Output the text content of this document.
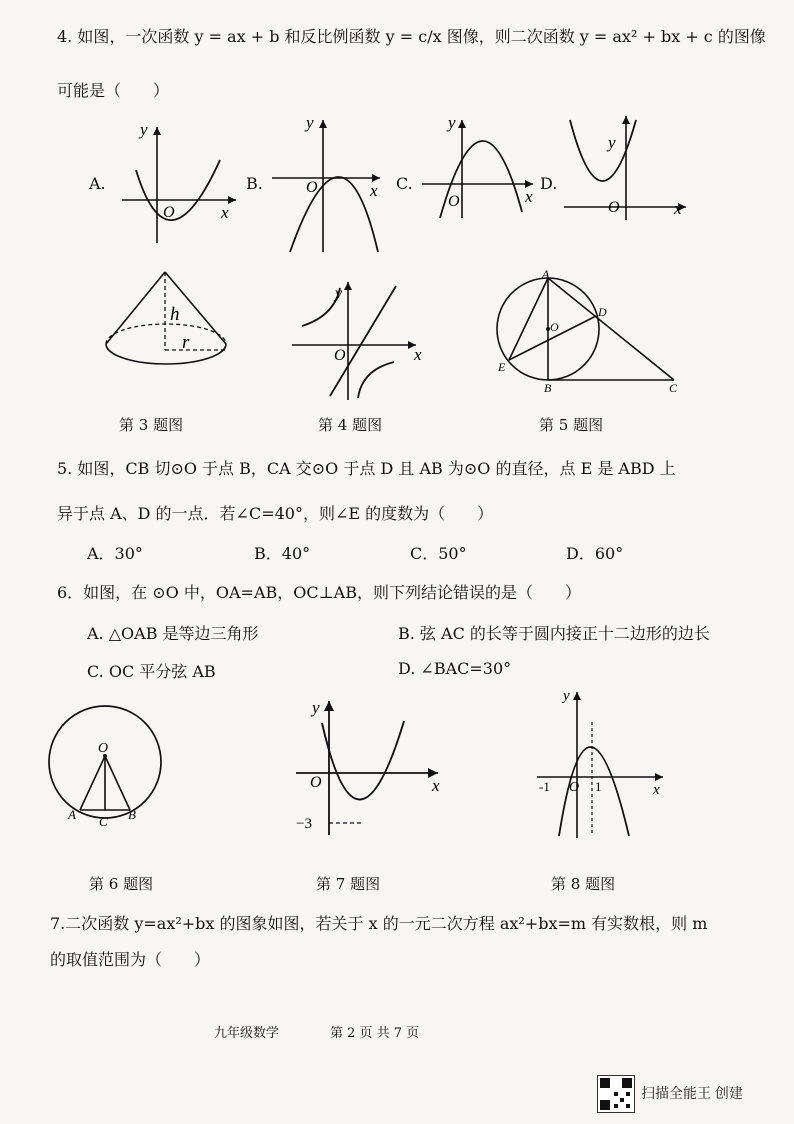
4. 如图，一次函数 y = ax + b 和反比例函数 y = c/x 图像，则二次函数 y = ax² + bx + c 的图像
可能是（　　）
A.
y
x
O
B.
y
x
O	C.
y
x
O
D.
y
x
O
h
r
y
x
O
A
D
O
E
B	C
第 3 题图	第 4 题图	第 5 题图
5. 如图，CB 切⊙O 于点 B，CA 交⊙O 于点 D 且 AB 为⊙O 的直径，点 E 是 ABD 上
异于点 A、D 的一点．若∠C=40°，则∠E 的度数为（　　）
A．30°	B．40°	C．50°	D．60°
6．如图，在 ⊙O 中，OA=AB，OC⊥AB，则下列结论错误的是（　　）
A. △OAB 是等边三角形	B. 弦 AC 的长等于圆内接正十二边形的边长
C. OC 平分弦 AB	D. ∠BAC=30°
O
A C B
y
x
O
−3
y
x
O
-1	1
第 6 题图	第 7 题图	第 8 题图
7.二次函数 y=ax²+bx 的图象如图，若关于 x 的一元二次方程 ax²+bx=m 有实数根，则 m
的取值范围为（　　）
九年级数学	第 2 页 共 7 页
扫描全能王 创建
